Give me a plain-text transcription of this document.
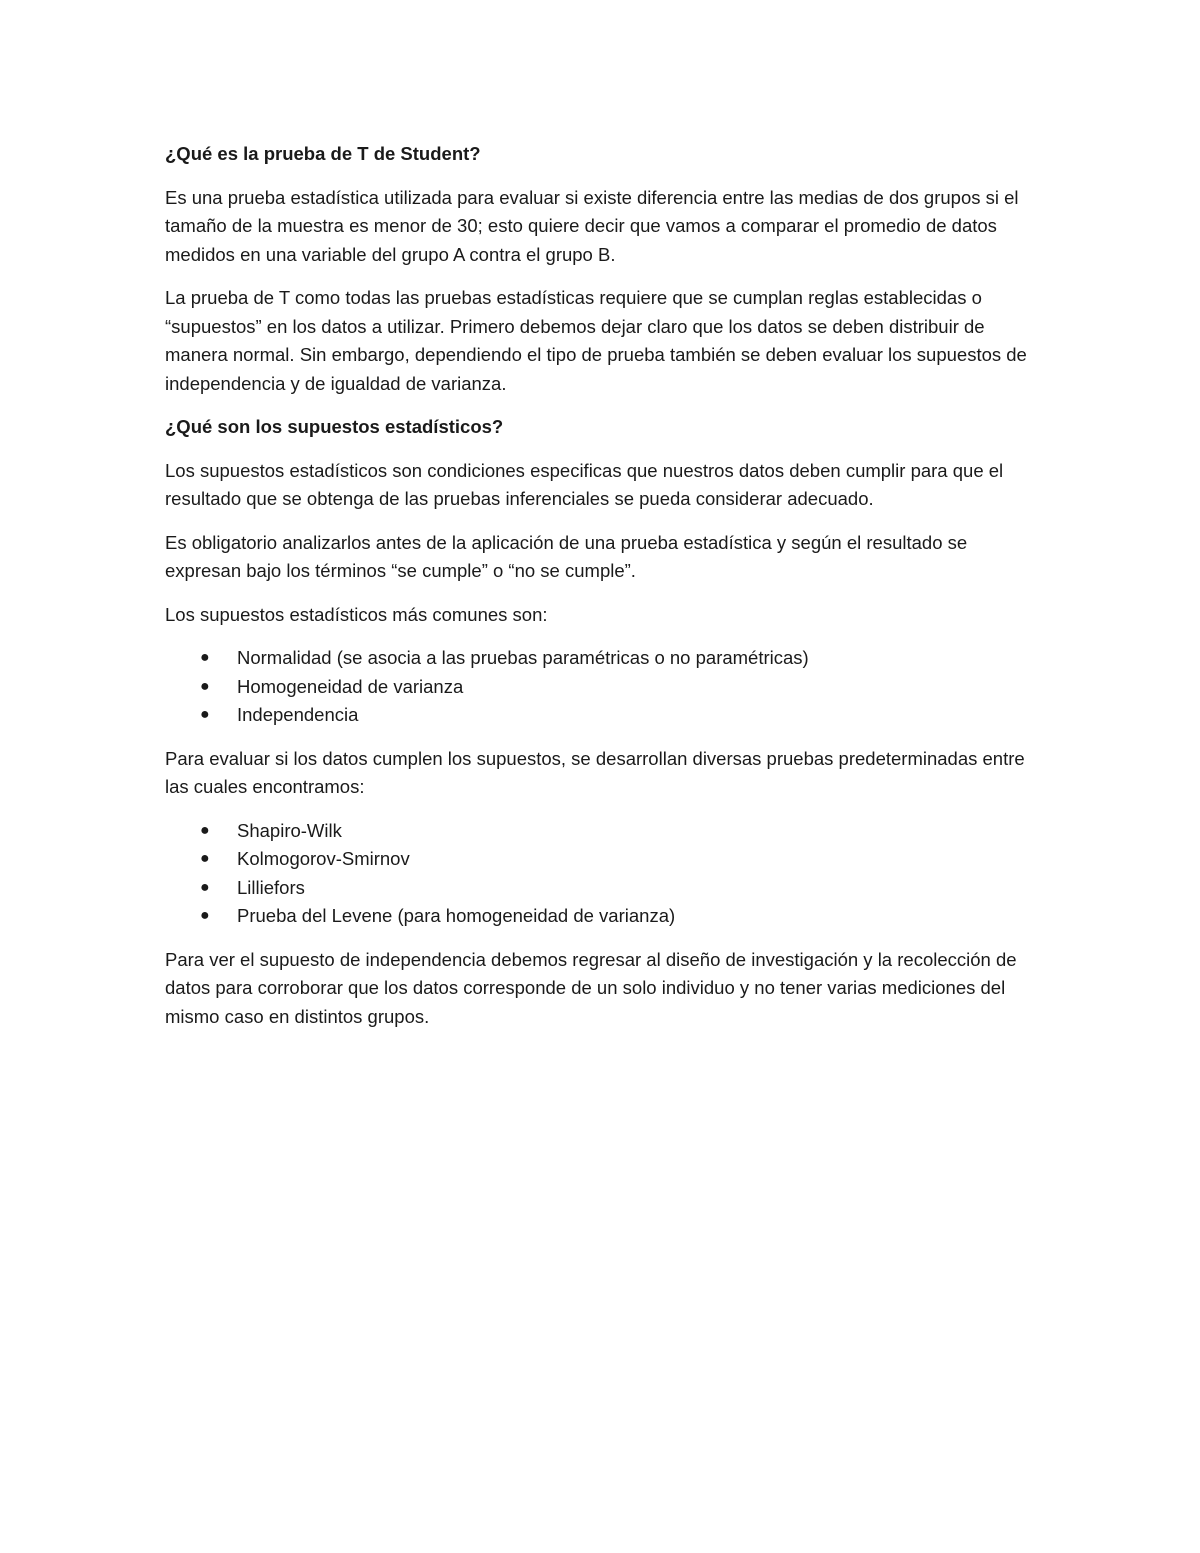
¿Qué es la prueba de T de Student?

Es una prueba estadística utilizada para evaluar si existe diferencia entre las medias de dos grupos si el tamaño de la muestra es menor de 30; esto quiere decir que vamos a comparar el promedio de datos medidos en una variable del grupo A contra el grupo B.

La prueba de T como todas las pruebas estadísticas requiere que se cumplan reglas establecidas o “supuestos” en los datos a utilizar. Primero debemos dejar claro que los datos se deben distribuir de manera normal. Sin embargo, dependiendo el tipo de prueba también se deben evaluar los supuestos de independencia y de igualdad de varianza.

¿Qué son los supuestos estadísticos?

Los supuestos estadísticos son condiciones especificas que nuestros datos deben cumplir para que el resultado que se obtenga de las pruebas inferenciales se pueda considerar adecuado.

Es obligatorio analizarlos antes de la aplicación de una prueba estadística y según el resultado se expresan bajo los términos “se cumple” o “no se cumple”.

Los supuestos estadísticos más comunes son:

● Normalidad (se asocia a las pruebas paramétricas o no paramétricas)
● Homogeneidad de varianza
● Independencia

Para evaluar si los datos cumplen los supuestos, se desarrollan diversas pruebas predeterminadas entre las cuales encontramos:

● Shapiro-Wilk
● Kolmogorov-Smirnov
● Lilliefors
● Prueba del Levene (para homogeneidad de varianza)

Para ver el supuesto de independencia debemos regresar al diseño de investigación y la recolección de datos para corroborar que los datos corresponde de un solo individuo y no tener varias mediciones del mismo caso en distintos grupos.
